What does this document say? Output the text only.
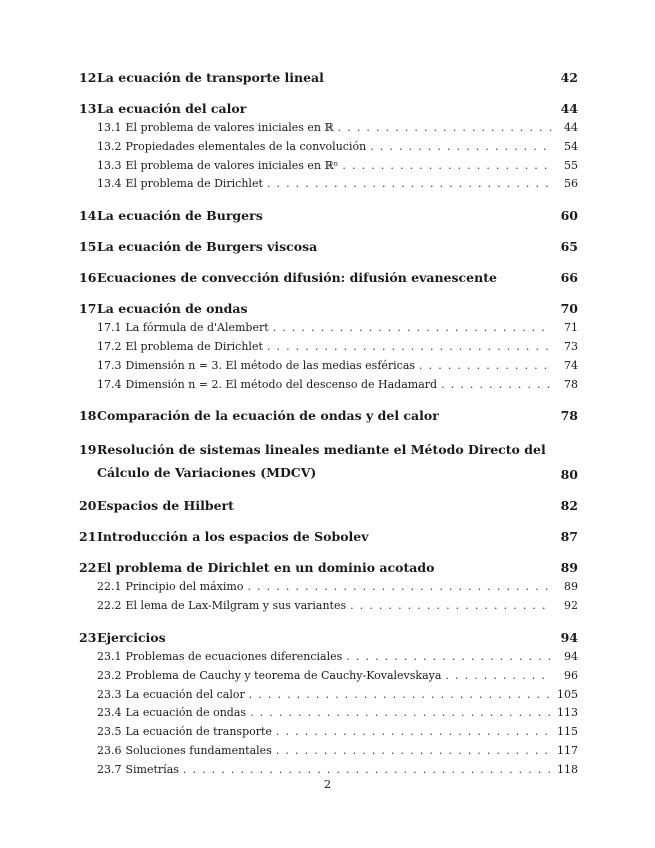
12 La ecuación de transporte lineal	42
13 La ecuación del calor	44
13.1 El problema de valores iniciales en ℝ . . .	44
13.2 Propiedades elementales de la convolución . . .	54
13.3 El problema de valores iniciales en ℝⁿ . . .	55
13.4 El problema de Dirichlet . . .	56
14 La ecuación de Burgers	60
15 La ecuación de Burgers viscosa	65
16 Ecuaciones de convección difusión: difusión evanescente	66
17 La ecuación de ondas	70
17.1 La fórmula de d'Alembert . . .	71
17.2 El problema de Dirichlet . . .	73
17.3 Dimensión n = 3. El método de las medias esféricas . . .	74
17.4 Dimensión n = 2. El método del descenso de Hadamard . . .	78
18 Comparación de la ecuación de ondas y del calor	78
19 Resolución de sistemas lineales mediante el Método Directo del Cálculo de Variaciones (MDCV)	80
20 Espacios de Hilbert	82
21 Introducción a los espacios de Sobolev	87
22 El problema de Dirichlet en un dominio acotado	89
22.1 Principio del máximo . . .	89
22.2 El lema de Lax-Milgram y sus variantes . . .	92
23 Ejercicios	94
23.1 Problemas de ecuaciones diferenciales . . .	94
23.2 Problema de Cauchy y teorema de Cauchy-Kovalevskaya . . .	96
23.3 La ecuación del calor . . .	105
23.4 La ecuación de ondas . . .	113
23.5 La ecuación de transporte . . .	115
23.6 Soluciones fundamentales . . .	117
23.7 Simetrías . . .	118
2
